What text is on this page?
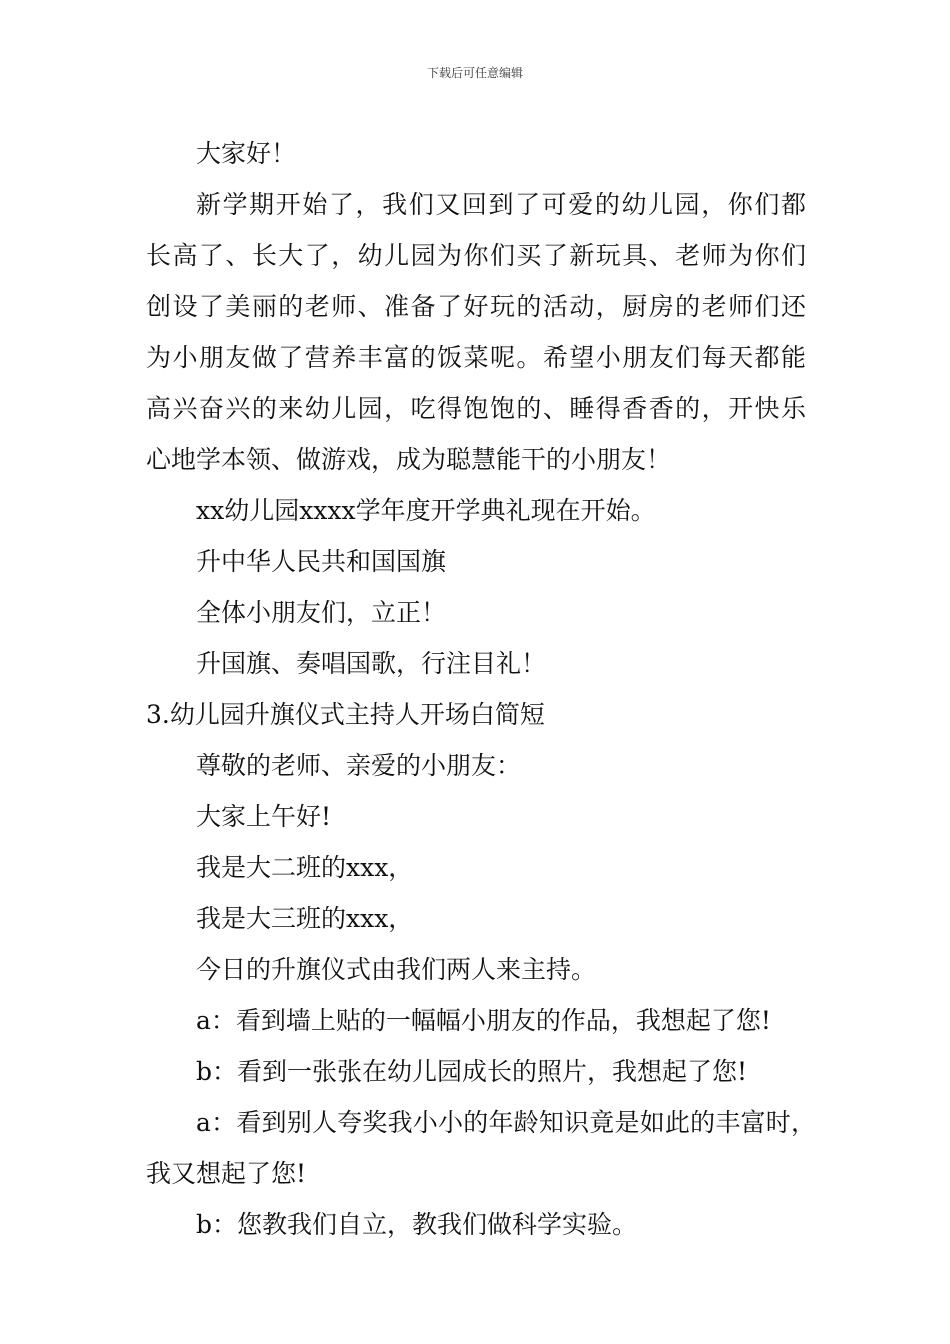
下载后可任意编辑

大家好！

新学期开始了，我们又回到了可爱的幼儿园，你们都
长高了、长大了，幼儿园为你们买了新玩具、老师为你们
创设了美丽的老师、准备了好玩的活动，厨房的老师们还
为小朋友做了营养丰富的饭菜呢。希望小朋友们每天都能
高兴奋兴的来幼儿园，吃得饱饱的、睡得香香的，开快乐
心地学本领、做游戏，成为聪慧能干的小朋友！

xx幼儿园xxxx学年度开学典礼现在开始。

升中华人民共和国国旗

全体小朋友们，立正！

升国旗、奏唱国歌，行注目礼！

3.幼儿园升旗仪式主持人开场白简短

尊敬的老师、亲爱的小朋友：

大家上午好!

我是大二班的xxx，

我是大三班的xxx，

今日的升旗仪式由我们两人来主持。

a：看到墙上贴的一幅幅小朋友的作品，我想起了您!

b：看到一张张在幼儿园成长的照片，我想起了您!

a：看到别人夸奖我小小的年龄知识竟是如此的丰富时，
我又想起了您!

b：您教我们自立，教我们做科学实验。
